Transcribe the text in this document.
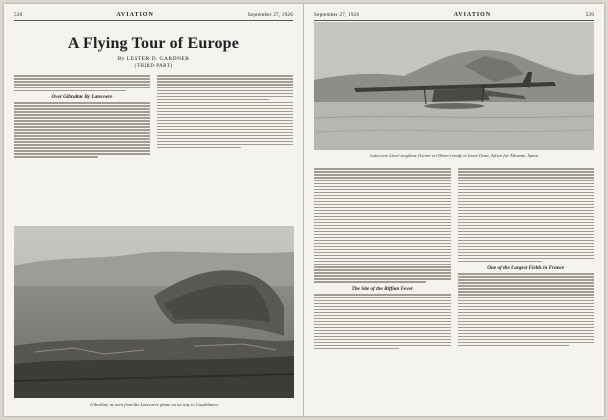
530	AVIATION	September 27, 1926
A Flying Tour of Europe
By LESTER D. GARDNER
(THIRD PART)
Over Gibraltar By Latecoere
Gibraltar, as seen from the Latecoere plane on its way to Casablanca
September 27, 1926	AVIATION	539
Latecoere Lioré seaplane (Lioret et Olivier) ready to leave Oran, Africa for Alicante, Spain
The Site of the Riffian Fever
One of the Largest Fields in France
